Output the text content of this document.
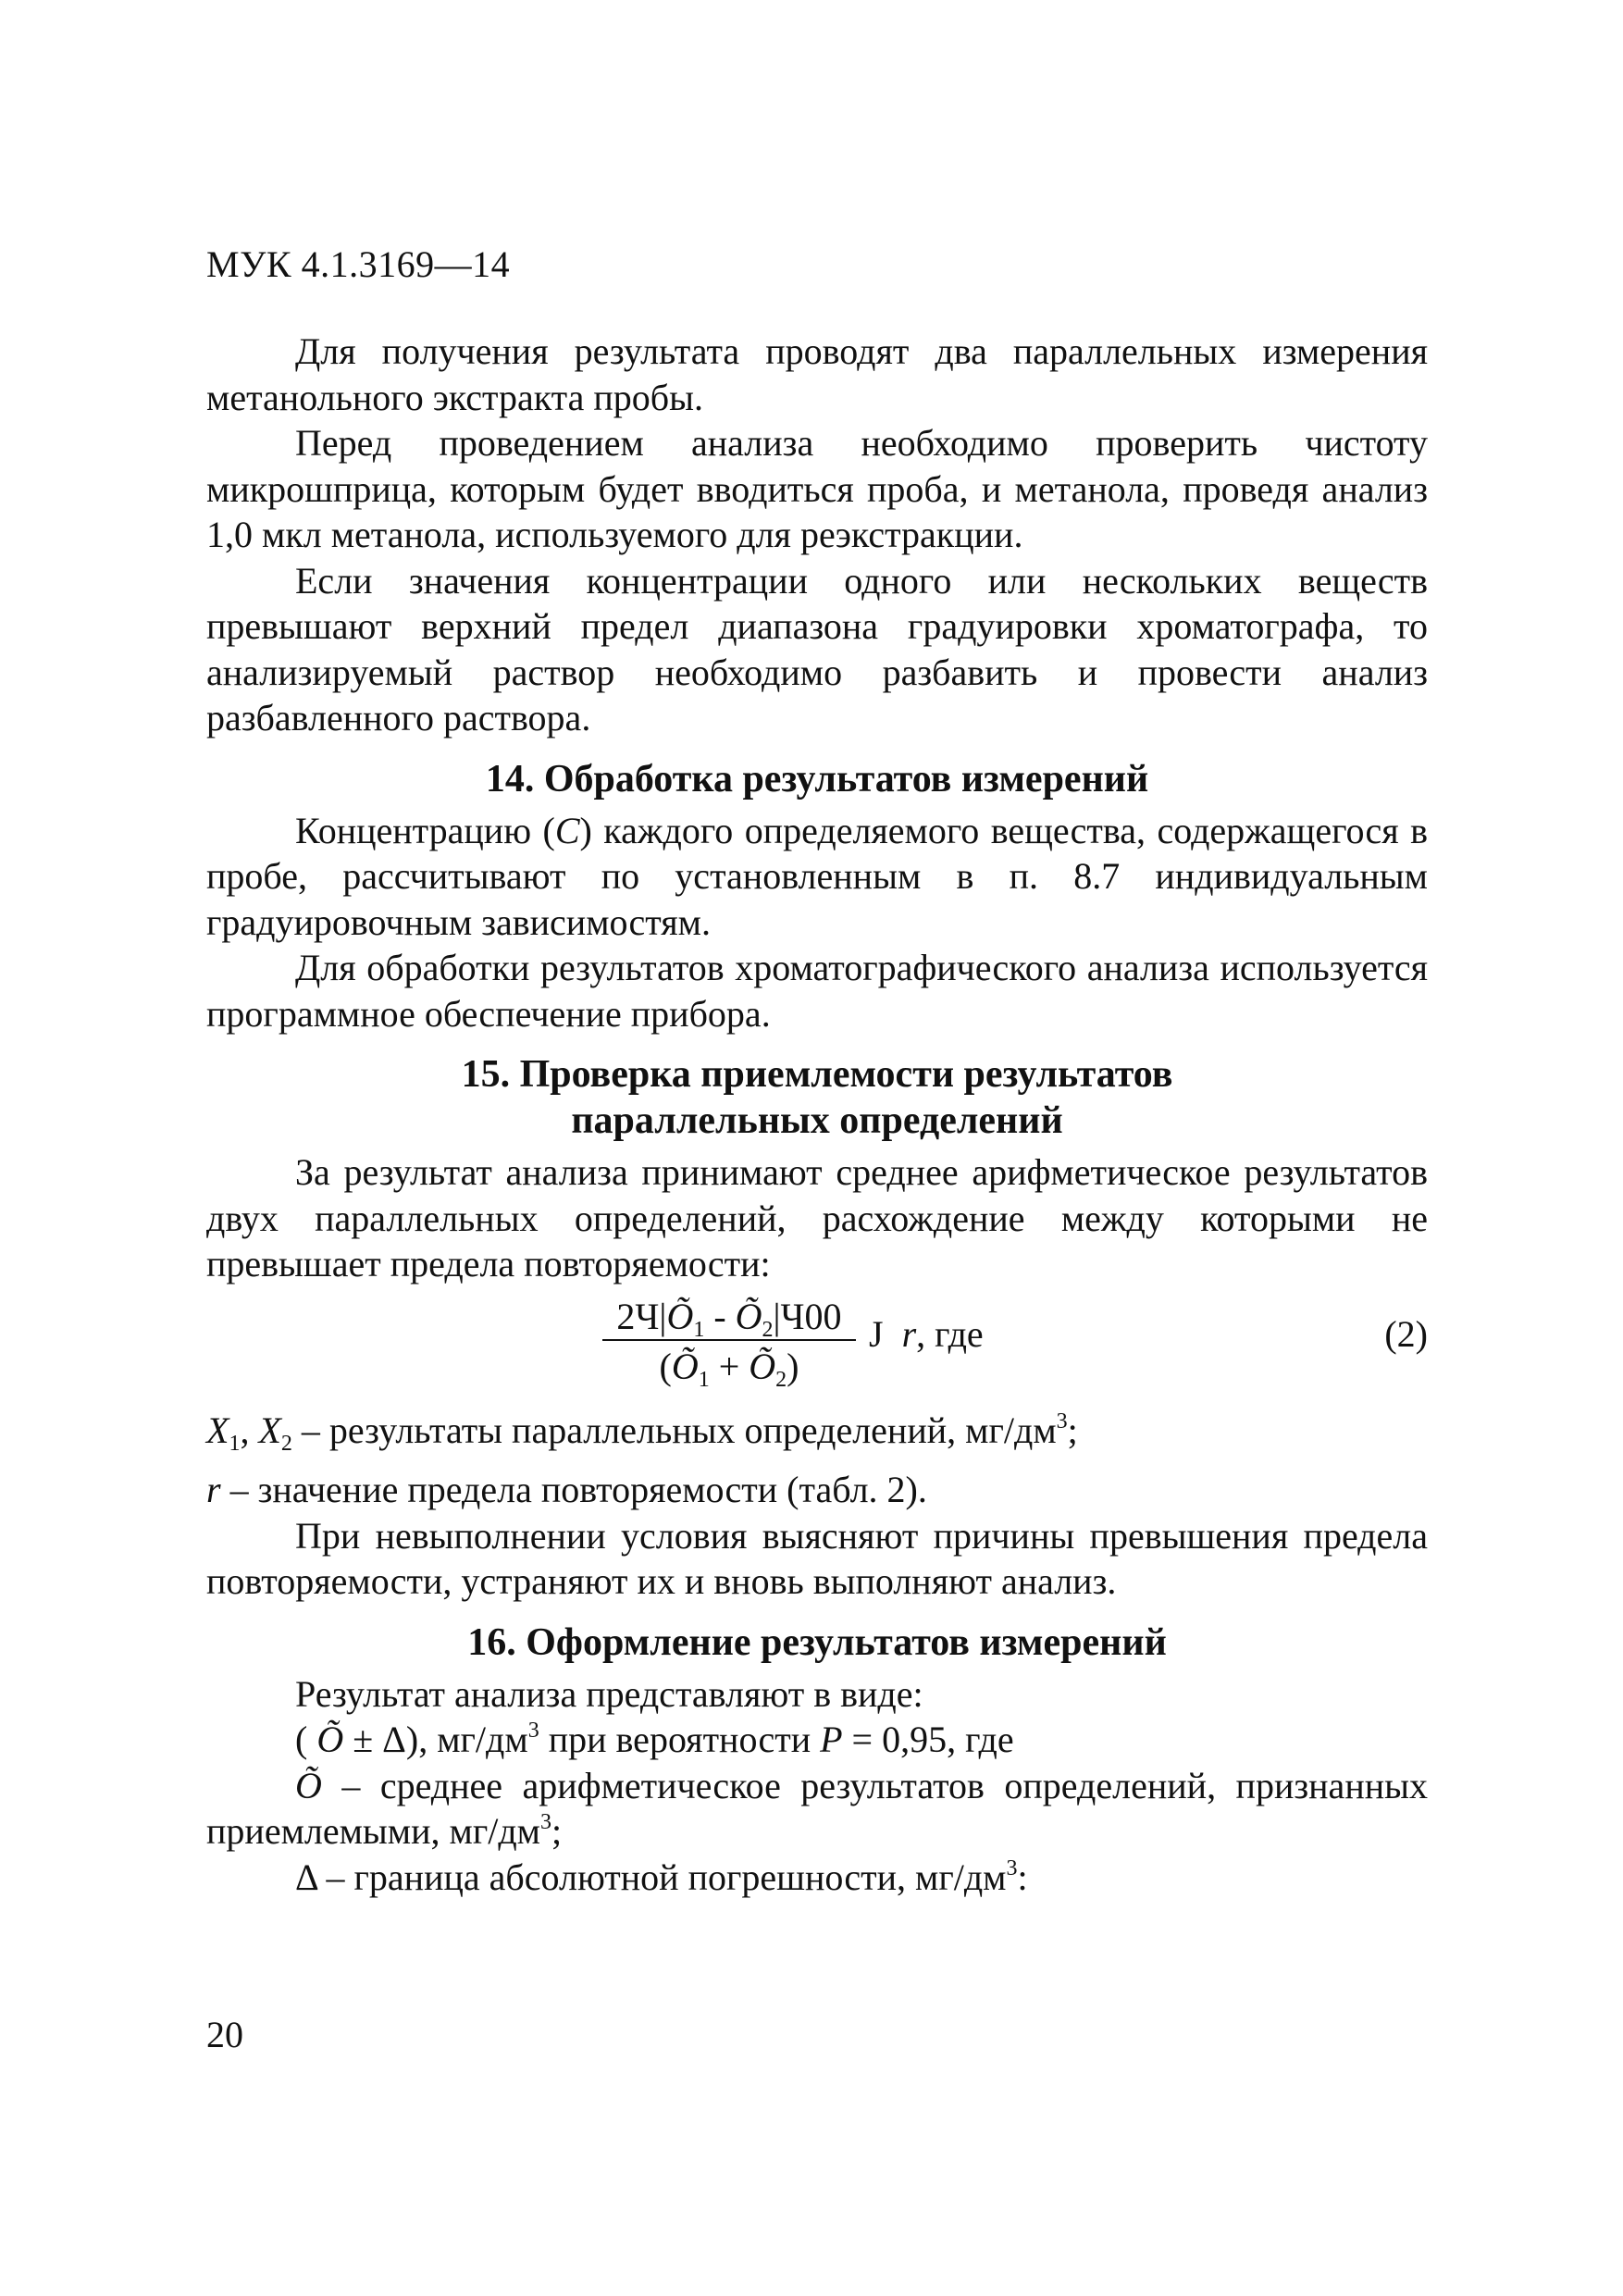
МУК 4.1.3169—14

Для получения результата проводят два параллельных измерения метанольного экстракта пробы.

Перед проведением анализа необходимо проверить чистоту микрошприца, которым будет вводиться проба, и метанола, проведя анализ 1,0 мкл метанола, используемого для реэкстракции.

Если значения концентрации одного или нескольких веществ превышают верхний предел диапазона градуировки хроматографа, то анализируемый раствор необходимо разбавить и провести анализ разбавленного раствора.

14. Обработка результатов измерений

Концентрацию (С) каждого определяемого вещества, содержащегося в пробе, рассчитывают по установленным в п. 8.7 индивидуальным градуировочным зависимостям.

Для обработки результатов хроматографического анализа используется программное обеспечение прибора.

15. Проверка приемлемости результатов
параллельных определений

За результат анализа принимают среднее арифметическое результатов двух параллельных определений, расхождение между которыми не превышает предела повторяемости:

$2Ч|Õ_1$ - $Õ_2|Ч00$
($Õ_1$ + $Õ_2$)
J r, где	(2)

$X_1$, $X_2$ – результаты параллельных определений, $мг/дм^3$;

r – значение предела повторяемости (табл. 2).

При невыполнении условия выясняют причины превышения предела повторяемости, устраняют их и вновь выполняют анализ.

16. Оформление результатов измерений

Результат анализа представляют в виде:

( Õ ± Δ), $мг/дм^3$ при вероятности P = 0,95, где

Õ – среднее арифметическое результатов определений, признанных приемлемыми, $мг/дм^3$;

Δ – граница абсолютной погрешности, $мг/дм^3$:

20
